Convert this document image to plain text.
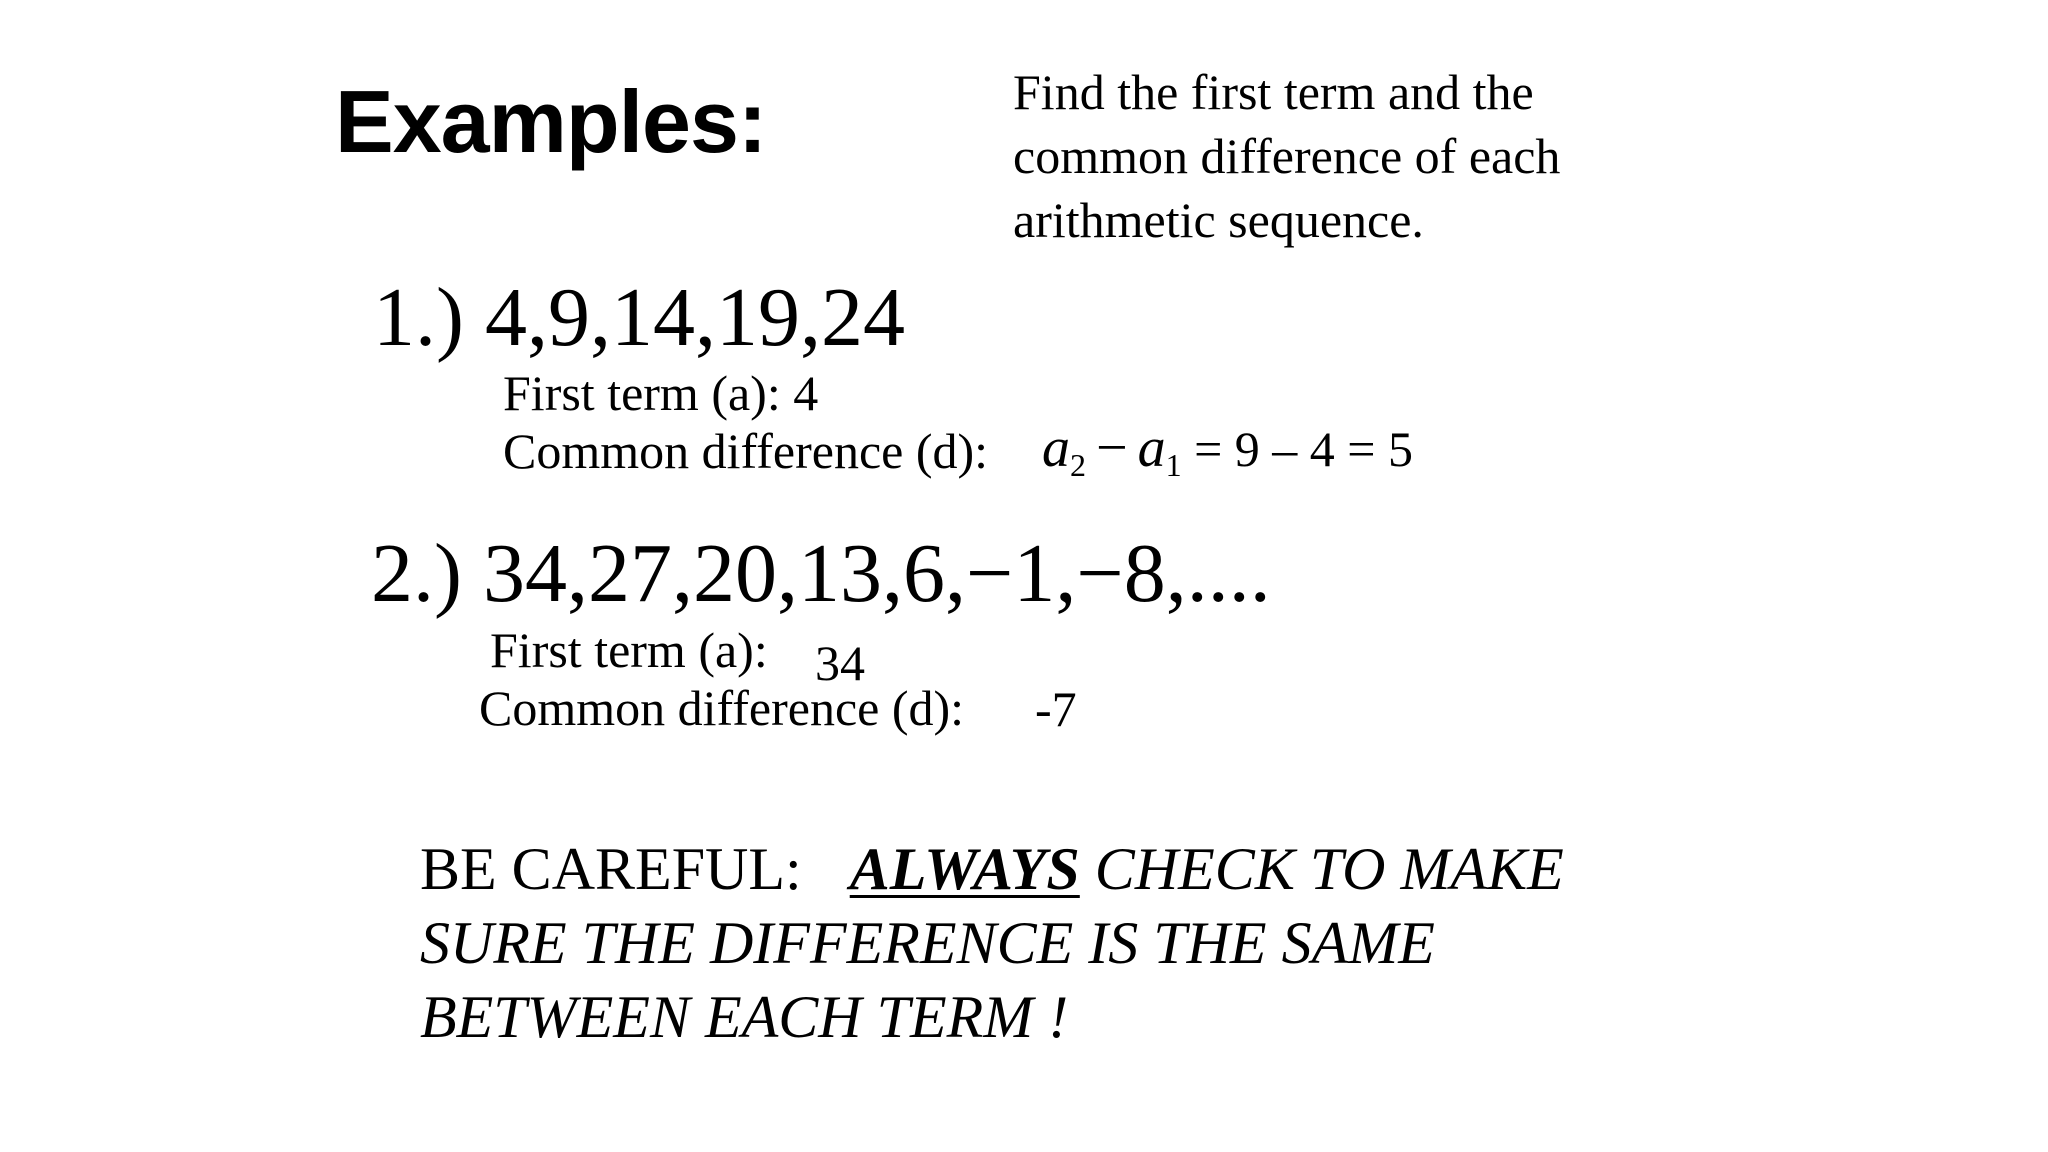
Examples:	Find the first term and the
common difference of each
arithmetic sequence.
1.) 4,9,14,19,24
First term (a): 4
Common difference (d): $a_2 - a_1 = 9 - 4 = 5$
2.) 34,27,20,13,6,−1,−8,....
First term (a): 34
Common difference (d): -7
BE CAREFUL: ALWAYS CHECK TO MAKE
SURE THE DIFFERENCE IS THE SAME
BETWEEN EACH TERM !
